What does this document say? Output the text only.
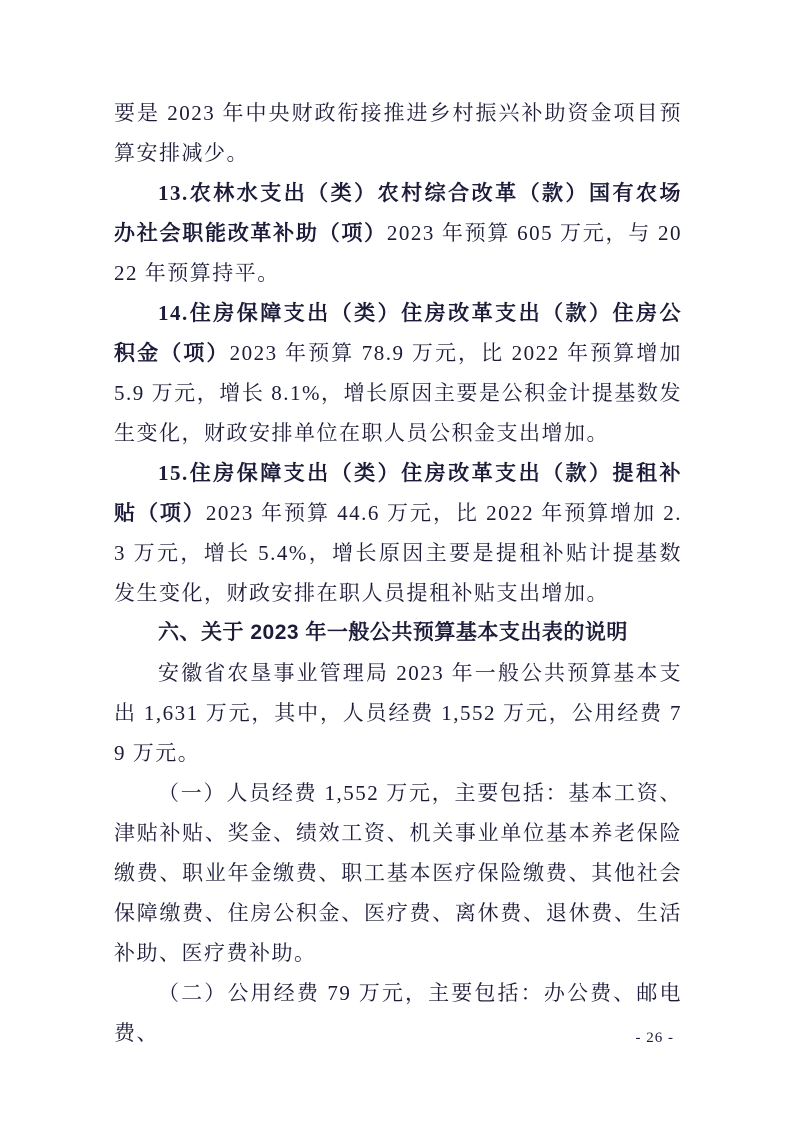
要是 2023 年中央财政衔接推进乡村振兴补助资金项目预算安排减少。

13.农林水支出（类）农村综合改革（款）国有农场办社会职能改革补助（项）2023 年预算 605 万元，与 2022 年预算持平。

14.住房保障支出（类）住房改革支出（款）住房公积金（项）2023 年预算 78.9 万元，比 2022 年预算增加 5.9 万元，增长 8.1%，增长原因主要是公积金计提基数发生变化，财政安排单位在职人员公积金支出增加。

15.住房保障支出（类）住房改革支出（款）提租补贴（项）2023 年预算 44.6 万元，比 2022 年预算增加 2.3 万元，增长 5.4%，增长原因主要是提租补贴计提基数发生变化，财政安排在职人员提租补贴支出增加。

六、关于 2023 年一般公共预算基本支出表的说明

安徽省农垦事业管理局 2023 年一般公共预算基本支出 1,631 万元，其中，人员经费 1,552 万元，公用经费 79 万元。

（一）人员经费 1,552 万元，主要包括：基本工资、津贴补贴、奖金、绩效工资、机关事业单位基本养老保险缴费、职业年金缴费、职工基本医疗保险缴费、其他社会保障缴费、住房公积金、医疗费、离休费、退休费、生活补助、医疗费补助。

（二）公用经费 79 万元，主要包括：办公费、邮电费、	- 26 -
